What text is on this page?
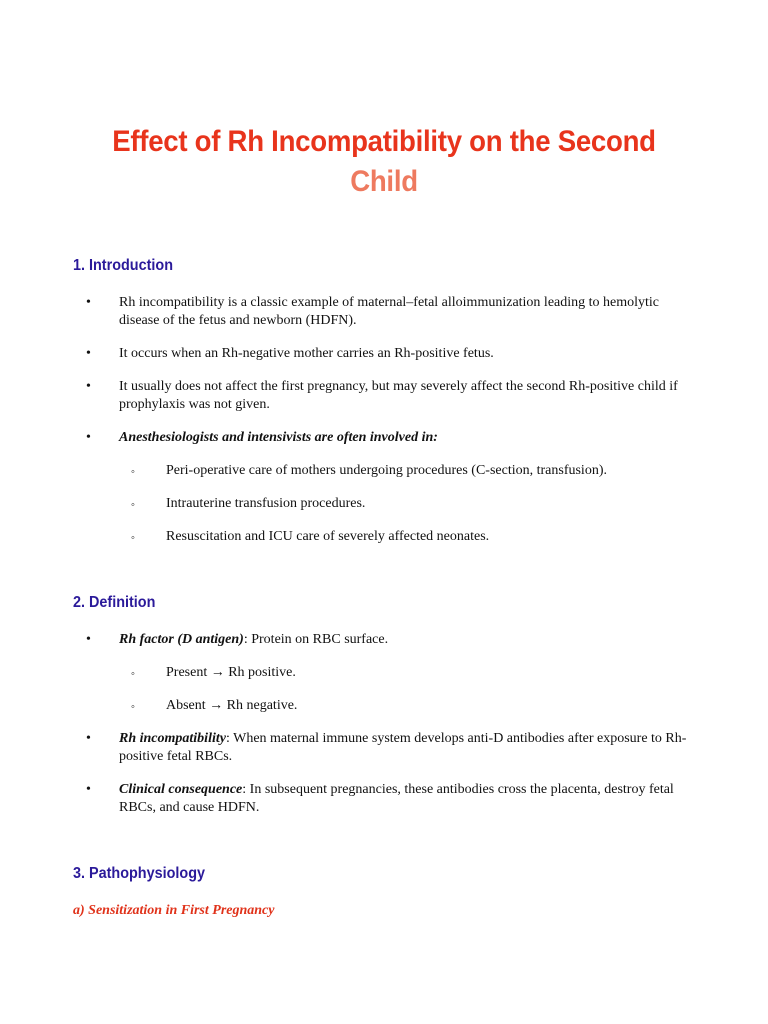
Effect of Rh Incompatibility on the Second
Child
1. Introduction
• Rh incompatibility is a classic example of maternal–fetal alloimmunization leading to hemolytic disease of the fetus and newborn (HDFN).
• It occurs when an Rh-negative mother carries an Rh-positive fetus.
• It usually does not affect the first pregnancy, but may severely affect the second Rh-positive child if prophylaxis was not given.
• Anesthesiologists and intensivists are often involved in:
◦ Peri-operative care of mothers undergoing procedures (C-section, transfusion).
◦ Intrauterine transfusion procedures.
◦ Resuscitation and ICU care of severely affected neonates.
2. Definition
• Rh factor (D antigen): Protein on RBC surface.
◦ Present → Rh positive.
◦ Absent → Rh negative.
• Rh incompatibility: When maternal immune system develops anti-D antibodies after exposure to Rh-positive fetal RBCs.
• Clinical consequence: In subsequent pregnancies, these antibodies cross the placenta, destroy fetal RBCs, and cause HDFN.
3. Pathophysiology
a) Sensitization in First Pregnancy
